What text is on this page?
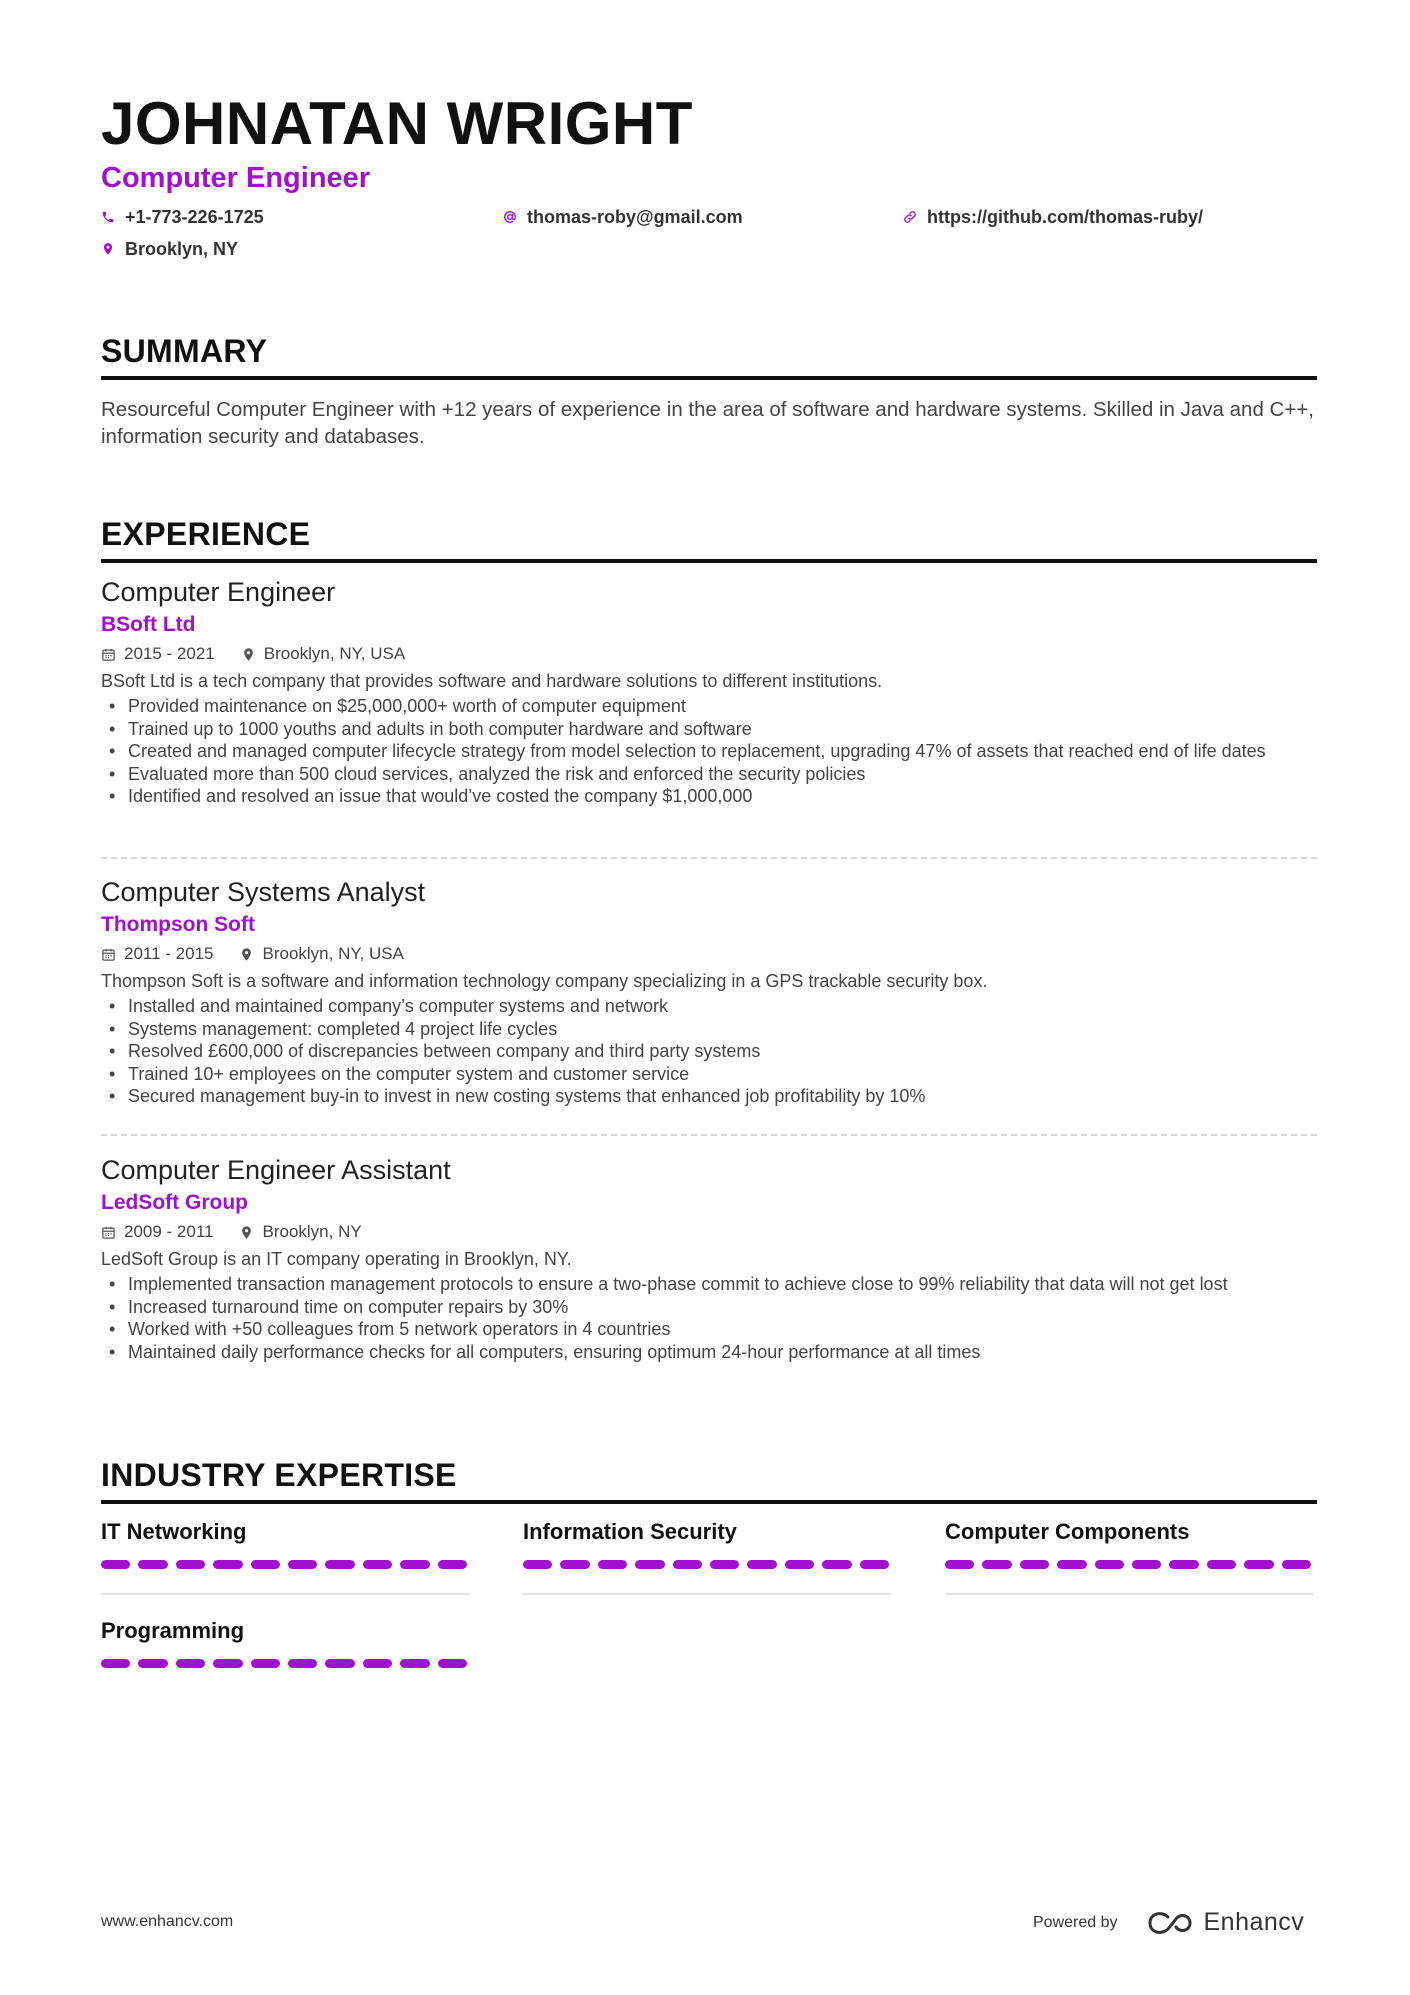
JOHNATAN WRIGHT
Computer Engineer
+1-773-226-1725	thomas-roby@gmail.com	https://github.com/thomas-ruby/
Brooklyn, NY
SUMMARY

Resourceful Computer Engineer with +12 years of experience in the area of software and hardware systems. Skilled in Java and C++, information security and databases.

EXPERIENCE
Computer Engineer
BSoft Ltd
2015 - 2021	Brooklyn, NY, USA
BSoft Ltd is a tech company that provides software and hardware solutions to different institutions.
• Provided maintenance on $25,000,000+ worth of computer equipment
• Trained up to 1000 youths and adults in both computer hardware and software
• Created and managed computer lifecycle strategy from model selection to replacement, upgrading 47% of assets that reached end of life dates
• Evaluated more than 500 cloud services, analyzed the risk and enforced the security policies
• Identified and resolved an issue that would’ve costed the company $1,000,000
Computer Systems Analyst
Thompson Soft
2011 - 2015	Brooklyn, NY, USA
Thompson Soft is a software and information technology company specializing in a GPS trackable security box.
• Installed and maintained company’s computer systems and network
• Systems management: completed 4 project life cycles
• Resolved £600,000 of discrepancies between company and third party systems
• Trained 10+ employees on the computer system and customer service
• Secured management buy-in to invest in new costing systems that enhanced job profitability by 10%
Computer Engineer Assistant
LedSoft Group
2009 - 2011	Brooklyn, NY
LedSoft Group is an IT company operating in Brooklyn, NY.
• Implemented transaction management protocols to ensure a two-phase commit to achieve close to 99% reliability that data will not get lost
• Increased turnaround time on computer repairs by 30%
• Worked with +50 colleagues from 5 network operators in 4 countries
• Maintained daily performance checks for all computers, ensuring optimum 24-hour performance at all times
INDUSTRY EXPERTISE
IT Networking	Information Security	Computer Components
Programming
www.enhancv.com	Powered by	Enhancv
